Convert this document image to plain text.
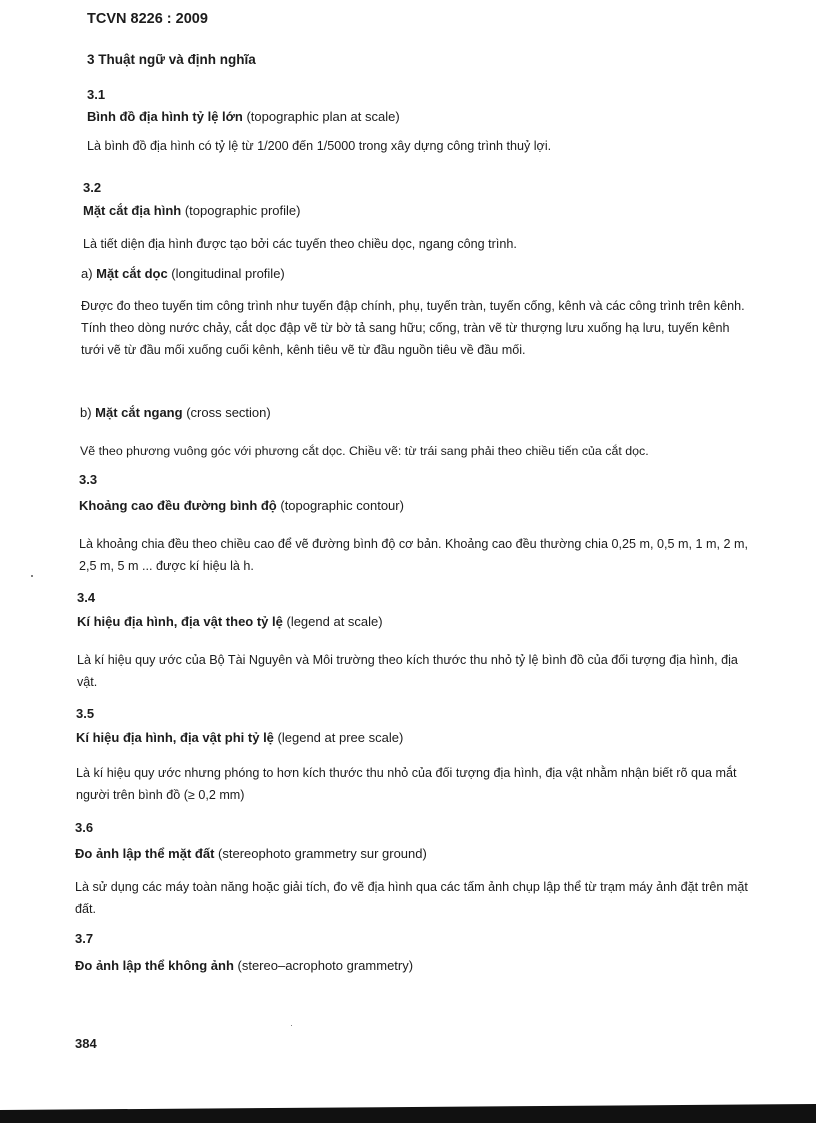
TCVN 8226 : 2009
3 Thuật ngữ và định nghĩa
3.1
Bình đồ địa hình tỷ lệ lớn (topographic plan at scale)
Là bình đồ địa hình có tỷ lệ từ 1/200 đến 1/5000 trong xây dựng công trình thuỷ lợi.
3.2
Mặt cắt địa hình (topographic profile)
Là tiết diện địa hình được tạo bởi các tuyến theo chiều dọc, ngang công trình.
a) Mặt cắt dọc (longitudinal profile)
Được đo theo tuyến tim công trình như tuyến đập chính, phụ, tuyến tràn, tuyến cống, kênh và các công trình trên kênh. Tính theo dòng nước chảy, cắt dọc đập vẽ từ bờ tả sang hữu; cống, tràn vẽ từ thượng lưu xuống hạ lưu, tuyến kênh tưới vẽ từ đầu mối xuống cuối kênh, kênh tiêu vẽ từ đầu nguồn tiêu về đầu mối.
b) Mặt cắt ngang (cross section)
Vẽ theo phương vuông góc với phương cắt dọc. Chiều vẽ: từ trái sang phải theo chiều tiến của cắt dọc.
3.3
Khoảng cao đều đường bình độ (topographic contour)
Là khoảng chia đều theo chiều cao để vẽ đường bình độ cơ bản. Khoảng cao đều thường chia 0,25 m, 0,5 m, 1 m, 2 m, 2,5 m, 5 m ... được kí hiệu là h.
3.4
Kí hiệu địa hình, địa vật theo tỷ lệ (legend at scale)
Là kí hiệu quy ước của Bộ Tài Nguyên và Môi trường theo kích thước thu nhỏ tỷ lệ bình đồ của đối tượng địa hình, địa vật.
3.5
Kí hiệu địa hình, địa vật phi tỷ lệ (legend at pree scale)
Là kí hiệu quy ước nhưng phóng to hơn kích thước thu nhỏ của đối tượng địa hình, địa vật nhằm nhận biết rõ qua mắt người trên bình đồ (≥ 0,2 mm)
3.6
Đo ảnh lập thể mặt đất (stereophoto grammetry sur ground)
Là sử dụng các máy toàn năng hoặc giải tích, đo vẽ địa hình qua các tấm ảnh chụp lập thể từ trạm máy ảnh đặt trên mặt đất.
3.7
Đo ảnh lập thể không ảnh (stereo–acrophoto grammetry)
384
